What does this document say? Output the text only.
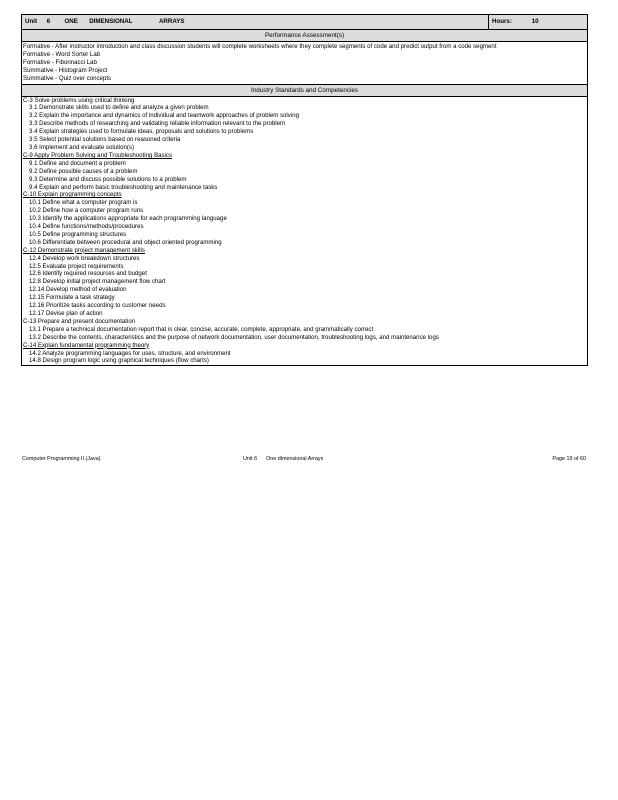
Unit 6 ONE DIMENSIONAL	ARRAYS	Hours:	10
Performance Assessment(s)
Formative - After instructor introduction and class discussion students will complete worksheets where they complete segments of code and predict output from a code segment
Formative - Word Sorter Lab
Formative - Fibonnacci Lab
Summative - Histogram Project
Summative - Quiz over concepts
Industry Standards and Competencies
C-3 Solve problems using critical thinking
3.1 Demonstrate skills used to define and analyze a given problem
3.2 Explain the importance and dynamics of individual and teamwork approaches of problem solving
3.3 Describe methods of researching and validating reliable information relevant to the problem
3.4 Explain strategies used to formulate ideas, proposals and solutions to problems
3.5 Select potential solutions based on reasoned criteria
3.6 Implement and evaluate solution(s)
C-9 Apply Problem Solving and Troubleshooting Basics
9.1 Define and document a problem
9.2 Define possible causes of a problem
9.3 Determine and discuss possible solutions to a problem
9.4 Explain and perform basic troubleshooting and maintenance tasks
C-10 Explain programming concepts
10.1 Define what a computer program is
10.2 Define how a computer program runs
10.3 Identify the applications appropriate for each programming language
10.4 Define functions/methods/procedures
10.5 Define programming structures
10.6 Differentiate between procedural and object oriented programming
C-12 Demonstrate project management skills
12.4 Develop work breakdown structures
12.5 Evaluate project requirements
12.6 Identify required resources and budget
12.8 Develop initial project management flow chart
12.14 Develop method of evaluation
12.15 Formulate a task strategy
12.16 Prioritize tasks according to customer needs
12.17 Devise plan of action
C-13 Prepare and present documentation
13.1 Prepare a technical documentation report that is clear, concise, accurate, complete, appropriate, and grammatically correct
13.2 Describe the contents, characteristics and the purpose of network documentation, user documentation, troubleshooting logs, and maintenance logs
C-14 Explain fundamental programming theory
14.2 Analyze programming languages for uses, structure, and environment
14.8 Design program logic using graphical techniques (flow charts)
Computer Programming II (Java)	Unit 6 One dimensional Arrays	Page 19 of 60
